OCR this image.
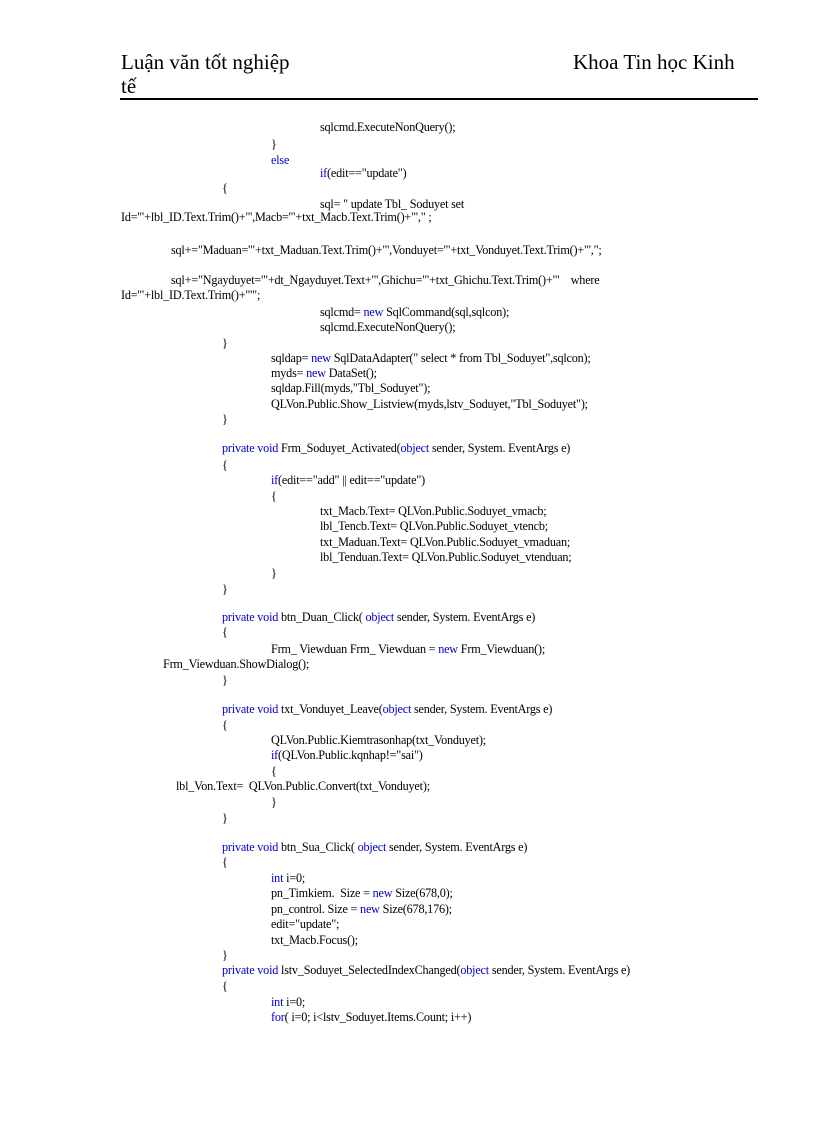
Luận văn tốt nghiệp
tế
Khoa Tin học Kinh
sqlcmd.ExecuteNonQuery();
}
else
if(edit=="update")
{
sql= " update Tbl_ Soduyet set
Id='"+lbl_ID.Text.Trim()+"',Macb='"+txt_Macb.Text.Trim()+"'," ;
sql+="Maduan='"+txt_Maduan.Text.Trim()+"',Vonduyet='"+txt_Vonduyet.Text.Trim()+"',";
sql+="Ngayduyet='"+dt_Ngayduyet.Text+"',Ghichu='"+txt_Ghichu.Text.Trim()+"'    where
Id='"+lbl_ID.Text.Trim()+"'";
sqlcmd= new SqlCommand(sql,sqlcon);
sqlcmd.ExecuteNonQuery();
}
sqldap= new SqlDataAdapter(" select * from Tbl_Soduyet",sqlcon);
myds= new DataSet();
sqldap.Fill(myds,"Tbl_Soduyet");
QLVon.Public.Show_Listview(myds,lstv_Soduyet,"Tbl_Soduyet");
}
private void Frm_Soduyet_Activated(object sender, System. EventArgs e)
{
if(edit=="add" || edit=="update")
{
txt_Macb.Text= QLVon.Public.Soduyet_vmacb;
lbl_Tencb.Text= QLVon.Public.Soduyet_vtencb;
txt_Maduan.Text= QLVon.Public.Soduyet_vmaduan;
lbl_Tenduan.Text= QLVon.Public.Soduyet_vtenduan;
}
}
private void btn_Duan_Click( object sender, System. EventArgs e)
{
Frm_ Viewduan Frm_ Viewduan = new Frm_Viewduan();
Frm_Viewduan.ShowDialog();
}
private void txt_Vonduyet_Leave(object sender, System. EventArgs e)
{
QLVon.Public.Kiemtrasonhap(txt_Vonduyet);
if(QLVon.Public.kqnhap!="sai")
{
lbl_Von.Text=  QLVon.Public.Convert(txt_Vonduyet);
}
}
private void btn_Sua_Click( object sender, System. EventArgs e)
{
int i=0;
pn_Timkiem.  Size = new Size(678,0);
pn_control. Size = new Size(678,176);
edit="update";
txt_Macb.Focus();
}
private void lstv_Soduyet_SelectedIndexChanged(object sender, System. EventArgs e)
{
int i=0;
for( i=0; i<lstv_Soduyet.Items.Count; i++)
